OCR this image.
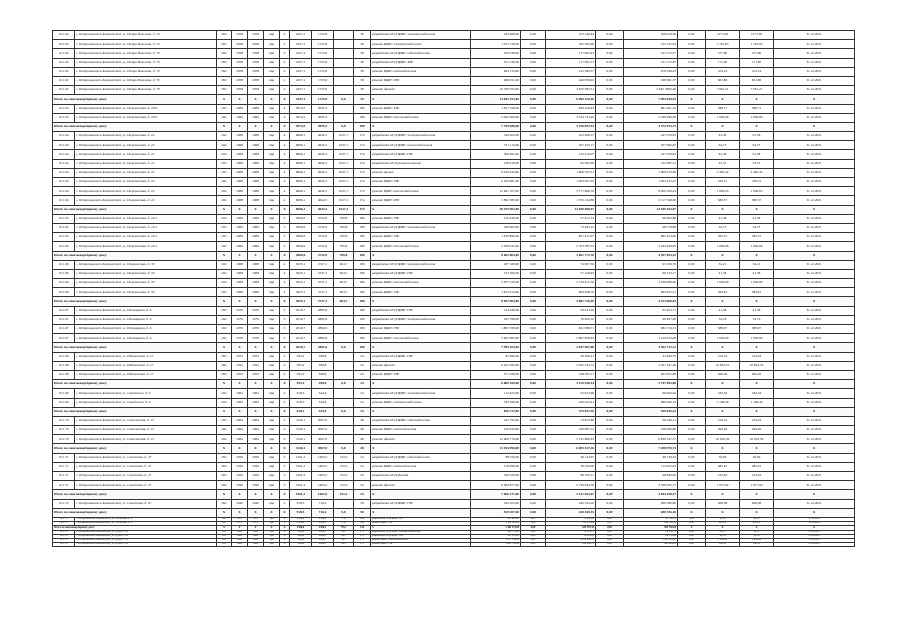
10.1.62	г. Петропавловск-Камчатский, ул. Петра Ильичева, д. 70	ПО	1958	1958	2ди	2	2437,1	1723,9		38	разработка ПСД ВДИС электроснабжения	243 668,00	0,00	153 149,44	0,00	108 918,56	0,00	1273,38	1273,38	31.12.2021
10.1.62	г. Петропавловск-Камчатский, ул. Петра Ильичева, д. 70	ПО	1958	1958	2ди	2	2437,1	1723,9		38	ремонт ВДИС электроснабжения	1 075 318,00	0,00	762 592,96	0,00	314 725,04	0,00	1 181,83	1 181,83	31.12.2021
10.1.62	г. Петропавловск-Камчатский, ул. Петра Ильичева, д. 70	ПО	1958	1958	2ди	2	2437,1	1723,9		38	разработка ПСД ВДИС водоснабжения	259 238,00	0,00	117 965,43	0,00	141 272,57	0,00	277,60	277,60	31.12.2021
10.1.62	г. Петропавловск-Камчатский, ул. Петра Ильичева, д. 70	ПО	1958	1958	2ди	2	2437,1	1723,9		38	разработка ПСД ВДИС ХВС	251 236,00	0,00	117 963,13	0,00	131 272,87	0,00	171,00	171,00	31.12.2021
10.1.62	г. Петропавловск-Камчатский, ул. Петра Ильичева, д. 70	ПО	1958	1958	2ди	2	2437,1	1723,9		38	ремонт ВДИС водоснабжения	694 133,00	0,00	215 584,57	0,00	478 548,43	0,00	474,14	474,14	31.12.2021
10.1.62	г. Петропавловск-Камчатский, ул. Петра Ильичева, д. 70	ПО	1958	1958	2ди	2	2437,1	1723,9		38	ремонт ВДИС ХВС	969 051,00	0,00	440 958,63	0,00	528 091,37	0,00	661,86	661,86	31.12.2021
10.1.62	г. Петропавловск-Камчатский, ул. Петра Ильичева, д. 70	ПО	1958	1958	2ди	2	2437,1	1723,9		38	ремонт фасада	10 336 393,00	0,00	4 670 383,51	0,00	5 661 3065,46	0,00	7 061,21	7 061,21	31.12.2021
Итого по многоквартирному дому:		X	X	X	X	X	2437,1	1723,9	0,0	39	X	14 055 193,00	0,00	6 690 220,46	0,00	7 994 030,54	X	X	X	X
10.1.63	г. Петропавловск-Камчатский, ул. Пограничная, д. 20/3	ОО	1969	1969	5ди	4	3074,5	3095,3		180	ремонт ВДИС ХВС	1 817 528,00	0,00	836 256,93	0,00	981 261,19	0,00	588,71	588,71	31.12.2021
10.1.63	г. Петропавловск-Камчатский, ул. Пограничная, д. 20/3	ОО	1969	1969	5ди	4	3074,5	3095,3		180	ремонт ВДИС теплоснабжения	5 942 000,00	0,00	3 524 733,40	0,00	2 348 496,58	0,00	1 936,99	1 936,99	31.12.2021
Итого по многоквартирному дому:		X	X	X	X	X	3074,5	3095,3	0,0	180	X	7 759 588,00	0,00	3 756 852,53	0,00	4 372 075,73	X	X	X	X
10.1.64	г. Петропавловск-Камчатский, ул. Пограничная, д. 24	ОО	1968	1968	5ди	4	6696,1	4642,5	1027,1	174	разработка ПСД ВДИС электроснабжения	349 402,00	0,00	102 490,57	0,00	247 079,93	0,00	61,38	61,38	31.12.2021
10.1.64	г. Петропавловск-Камчатский, ул. Пограничная, д. 24	ОО	1968	1968	5ди	4	6696,1	4642,5	1027,1	174	разработка ПСД ВДИС теплоснабжения	731 114,00	0,00	167 453,17	0,00	557 660,67	0,00	94,75	94,75	31.12.2021
10.1.64	г. Петропавловск-Камчатский, ул. Пограничная, д. 24	ОО	1968	1968	5ди	4	6696,1	4642,5	1027,1	174	разработка ПСД ВДИС ГВС	369 402,00	0,00	122 410,07	0,00	247 059,93	0,00	61,38	61,38	31.12.2021
10.1.64	г. Петропавловск-Камчатский, ул. Пограничная, д. 24	ОО	1968	1968	5ди	4	6696,1	4642,5	1027,1	174	разработка ПСД ремонта крыши	158 918,00	0,00	93 562,99	0,00	122 967,11	0,00	23,31	23,31	31.12.2021
10.1.64	г. Петропавловск-Камчатский, ул. Пограничная, д. 24	ОО	1968	1968	5ди	4	6696,1	4642,5	1027,1	174	ремонт крыши	8 619 934,00	0,00	1 609 703,31	0,00	7 069 476,69	0,00	2 483,42	2 483,42	31.12.2021
10.1.64	г. Петропавловск-Камчатский, ул. Пограничная, д. 24	ОО	1968	1968	5ди	4	6696,1	4642,5	1027,1	174	ремонт ВДИС ГВС	2 109 881,00	0,00	1 003 637,95	0,00	1 004 423,25	0,00	339,51	339,51	31.12.2021
10.1.64	г. Петропавловск-Камчатский, ул. Пограничная, д. 24	ОО	1968	1968	5ди	4	6696,1	4642,5	1027,1	174	ремонт ВДИС теплоснабжения	12 691 107,00	0,00	3 771 866,76	0,00	8 920 106,24	0,00	1 936,95	1 936,95	31.12.2021
10.1.64	г. Петропавловск-Камчатский, ул. Пограничная, д. 24	ОО	1968	1968	5ди	4	6696,1	4642,5	1027,1	174	ремонт ВДИС ХВС	3 892 585,00	0,00	1 763 124,88	0,00	2 117 548,60	0,00	580,57	580,57	31.12.2021
Итого по многоквартирному дому:		X	X	X	X	X	6696,1	4642,5	1027,1	174	X	28 475 962,00	0,00	13 050 688,57	0,00	14 449 163,07	X	X	X	X
10.1.65	г. Петропавловск-Камчатский, ул. Пограничная, д. 24/1	ОО	1969	1969	5ди	5	3060,6	2732,0	700,8	180	ремонт ВДИС ГВС	126 430,00	0,00	57 472,14	0,00	68 962,86	0,00	41,38	41,38	31.12.2021
10.1.65	г. Петропавловск-Камчатский, ул. Пограничная, д. 24/1	ОО	1969	1969	5ди	5	3060,6	2732,0	700,8	180	разработка ПСД ВДИС электроснабжения	168 663,00	0,00	73 493,12	0,00	98 779,88	0,00	34,73	34,73	31.12.2021
10.1.65	г. Петропавловск-Камчатский, ул. Пограничная, д. 24/1	ОО	1969	1969	5ди	5	3060,6	2732,0	700,8	180	ремонт ВДИС ГВС	1 819 890,00	0,00	827 417,97	0,00	992 474,00	0,00	595,57	595,57	31.12.2021
10.1.65	г. Петропавловск-Камчатский, ул. Пограничная, д. 24/1	ОО	1969	1969	5ди	5	3060,6	2732,0	700,8	180	ремонт ВДИС теплоснабжения	5 938 033,00	0,00	2 703 383,55	0,00	3 244 636,65	0,00	1 936,96	1 936,96	31.12.2021
Итого по многоквартирному дому:		X	X	X	X	X	3060,6	2732,0	700,8	180	X	8 062 804,00	0,00	3 661 772,78	0,00	4 397 853,22	X	X	X	X
10.1.66	г. Петропавловск-Камчатский, ул. Пограничная, д. 30	ОО	1968	1968	5ди	4	3025,1	2747,1	604,7	180	разработка ПСД ВДИС электроснабжения	187 168,00	0,00	74 007,30	0,00	93 166,70	0,00	34,21	34,21	31.12.2021
10.1.66	г. Петропавловск-Камчатский, ул. Пограничная, д. 30	ОО	1968	1968	5ди	4	3025,1	2747,1	604,7	180	разработка ПСД ВДИС ГВС	153 360,00	0,00	57 126,93	0,00	69 233,17	0,00	41,38	41,38	31.12.2021
10.1.66	г. Петропавловск-Камчатский, ул. Пограничная, д. 30	ОО	1968	1968	5ди	4	3025,1	2747,1	604,7	180	ремонт ВДИС теплоснабжения	5 875 370,00	0,00	2 716 471,30	0,00	3 238 689,00	0,00	1 936,99	1 936,99	31.12.2021
10.1.66	г. Петропавловск-Камчатский, ул. Пограничная, д. 30	ОО	1968	1968	5ди	4	3025,1	2747,1	604,7	180	ремонт ВДИС ГВС	1 812 014,00	0,00	826 938,79	0,00	994 655,21	0,00	584,61	584,61	31.12.2021
Итого по многоквартирному дому:		X	X	X	X	X	3025,1	2747,1	604,7	180	X	8 097 864,00	0,00	3 681 726,40	0,00	4 413 608,04	X	X	X	X
10.1.67	г. Петропавловск-Камчатский, ул. Пономарева, д. 6	ОО	1970	1970	5ди	3	2016,7	2882,6		180	разработка ПСД ВДИС ГВС	124 636,00	0,00	59 233,29	0,00	65 403,71	0,00	41,38	41,38	31.12.2021
10.1.67	г. Петропавловск-Камчатский, ул. Пономарева, д. 6	ОО	1970	1970	5ди	3	2016,7	2882,6		180	разработка ПСД ВДИС электроснабжения	165 786,00	0,00	76 000,10	0,00	90 497,08	0,00	54,76	54,76	31.12.2021
10.1.67	г. Петропавловск-Камчатский, ул. Пономарева, д. 6	ОО	1970	1970	5ди	3	2016,7	2882,6		180	ремонт ВДИС ГВС	1 805 708,00	0,00	821 988,71	0,00	984 719,31	0,00	588,97	588,97	31.12.2021
10.1.67	г. Петропавловск-Камчатский, ул. Пономарева, д. 6	ОО	1970	1970	5ди	3	2016,7	2882,6		180	ремонт ВДИС теплоснабжения	5 902 863,00	0,00	2 681 828,92	0,00	3 219 034,08	0,00	1 936,99	1 936,99	31.12.2021
Итого по многоквартирному дому:		X	X	X	X	X	2016,7	2882,6	0,0	180	X	7 999 104,00	0,00	3 637 697,88	0,00	4 362 712,12	X	X	X	X
10.1.68	г. Петропавловск-Камчатский, ул. Рябиковская, д. 27	ПО	1952	1952	2ди	2	593,2	398,8		24	разработка ПСД ВДИС ГВС	82 890,00	0,00	39 390,21	0,00	43 499,79	0,00	219,18	219,18	31.12.2021
10.1.68	г. Петропавловск-Камчатский, ул. Рябиковская, д. 27	ПО	1952	1952	2ди	2	593,2	398,8		24	ремонт фасада	6 423 582,00	0,00	2 922 234,74	0,00	3 501 347,26	0,00	10 824,35	10 824,35	31.12.2021
10.1.68	г. Петропавловск-Камчатский, ул. Рябиковская, д. 27	ПО	1952	1952	2ди	2	593,2	398,8		24	ремонт ВДИС ГВС	371 628,00	0,00	168 953,11	0,00	202 655,89	0,00	626,26	626,26	31.12.2021
Итого по многоквартирному дому:		X	X	X	X	X	593,2	398,8	0,0	24	X	6 880 100,00	0,00	3 129 936,54	0,00	3 747 895,88	X	X	X	X
10.1.69	г. Петропавловск-Камчатский, ул. Савойского, д. 6	ОО	1962	1962	2ди	2	618,3	344,9		24	разработка ПСД ВДИС электроснабжения	112 623,00	0,00	55 812,96	0,00	66 650,04	0,00	182,34	182,34	31.12.2021
10.1.69	г. Петропавловск-Камчатский, ул. Савойского, д. 6	ОО	1962	1962	2ди	2	618,3	344,9		24	ремонт ВДИС электроснабжения	793 390,00	0,00	320 023,41	0,00	488 366,19	0,00	1 108,40	1 108,40	31.12.2021
Итого по многоквартирному дому:		X	X	X	X	X	618,3	344,9	0,0	24	X	826 723,00	0,00	375 837,39	0,00	450 026,44	X	X	X	X
10.1.70	г. Петропавловск-Камчатский, ул. Сахалинская, д. 15	ОО	1964	1964	5ди	2	3140,1	3067,0		48	разработка ПСД ВДИС водоснабжения	162 793,00	0,00	74 815,89	0,00	90 446,11	0,00	219,19	219,19	31.12.2021
10.1.70	г. Петропавловск-Камчатский, ул. Сахалинская, д. 15	ОО	1964	1964	5ди	2	3140,1	3067,0		48	ремонт ВДИС водоснабжения	419 934,00	0,00	190 987,14	0,00	228 946,86	0,00	294,26	294,26	31.12.2021
10.1.70	г. Петропавловск-Камчатский, ул. Сахалинская, д. 15	ОО	1964	1964	5ди	2	3140,1	3067,0		48	ремонт фасада	12 608 776,00	0,00	5 741 890,63	0,00	6 839 547,37	0,00	10 816,59	10 816,59	31.12.2021
Итого по многоквартирному дому:		X	X	X	X	X	3140,1	3067,0	0,0	48	X	13 294 096,00	0,00	6 005 417,26	0,00	7 208 978,74	X	X	X	X
10.1.71	г. Петропавловск-Камчатский, ул. Советская, д. 47	ПО	1956	1956	2ди	3	1561,2	1463,5	152,2	24	разработка ПСД ВДИС водоснабжения	88 320,00	0,00	40 143,67	0,00	48 136,33	0,00	56,09	56,09	31.12.2021
10.1.71	г. Петропавловск-Камчатский, ул. Советская, д. 47	ПО	1956	1956	2ди	3	1561,2	1463,5	152,2	24	ремонт ВДИС водоснабжения	176 098,00	0,00	39 520,00	0,00	113 925,03	0,00	483,25	483,25	31.12.2021
10.1.71	г. Петропавловск-Камчатский, ул. Советская, д. 47	ПО	1956	1956	2ди	3	1561,2	1463,5	152,2	24	разработка ПСД фасада	198 350,00	0,00	89 320,11	0,00	98 840,00	0,00	122,93	122,93	31.12.2021
10.1.71	г. Петропавловск-Камчатский, ул. Советская, д. 47	ПО	1956	1956	2ди	3	1561,2	1463,5	152,2	24	ремонт фасада	6 064 877,00	0,00	2 736 844,56	0,00	3 328 032,72	0,00	1 977,94	1 977,94	31.12.2021
Итого по многоквартирному дому:		X	X	X	X	X	1561,2	1463,5	152,2	24	X	7 066 171,00	0,00	3 221 635,67	0,00	3 844 198,47	X	X	X	X
10.1.72	г. Петропавловск-Камчатский, ул. Советская, д. 67	ПО	1940	1940	2ди	2	918,5	718,2		58	разработка ПСД ВДИС ГВС	529 105,00	0,00	240 524,20	0,00	288 580,80	0,00	628,38	628,38	31.12.2021
Итого по многоквартирному дому:		X	X	X	X	X	918,5	718,2	0,0	58	X	529 107,00	0,00	240 449,35	0,00	288 336,46	X	X	X	X
10.1.73	г. Петропавловск-Камчатский, ул. Солнечная, д. 27	ОО	1975	1975	5ди	4	2356,6	2308,5	775,1	144	разработка ПСД ВДИС ГВС	153 020,00	0,00	73 233,88	0,00	47 782,12	0,00	41,38	41,38	31.12.2021
10.1.73	г. Петропавловск-Камчатский, ул. Солнечная, д. 27	ОО	1975	1975	5ди	4	2356,6	2308,5	775,1	144	ремонт ВДИС ГВС	1 329 518,00	0,00	708 179,69	0,00	629 768,31	0,00	481,21	481,21	31.12.2021
Итого по многоквартирному дому:		X	X	X	X	X	2356,6	2308,5	775,1	144	X	1 384 175,00	0,00	630 787,44	0,00	695 756,00	X	X	X	X
10.1.74	г. Петропавловск-Камчатский, ул. Труда, д. 29	ОО	1968	1968	5ди	4	7088,4	2689,5	683	171	разработка ПСД ВДИС электроснабжения	164 770,00	0,00	74 513,27	0,00	89 256,73	0,00	54,71	54,71	31.12.2021
10.1.74	г. Петропавловск-Камчатский, ул. Труда, д. 29	ОО	1968	1968	5ди	4	7088,4	2689,5	683	171	разработка ПСД ВДИС ГВС	127 110,00	0,00	56 976,02	0,00	69 133,98	0,00	41,38	41,38	31.12.2021
10.1.74	г. Петропавловск-Камчатский, ул. Труда, д. 29	ОО	1968	1968	5ди	4	7088,4	2689,5	683	171	ремонт ВДИС теплоснабжения	5 877 338,00	0,00	2 652 008,53	0,00	3 225 329,47	0,00	1 936,99	1 936,99	31.12.2021
10.1.74	г. Петропавловск-Камчатский, ул. Труда, д. 29	ОО	1968	1968	5ди	4	7088,4	2689,5	683	171	ремонт ВДИС ГВС	1 802 738,00	0,00	819 908,72	0,00	982 829,28	0,00	590,53	590,53	31.12.2021
